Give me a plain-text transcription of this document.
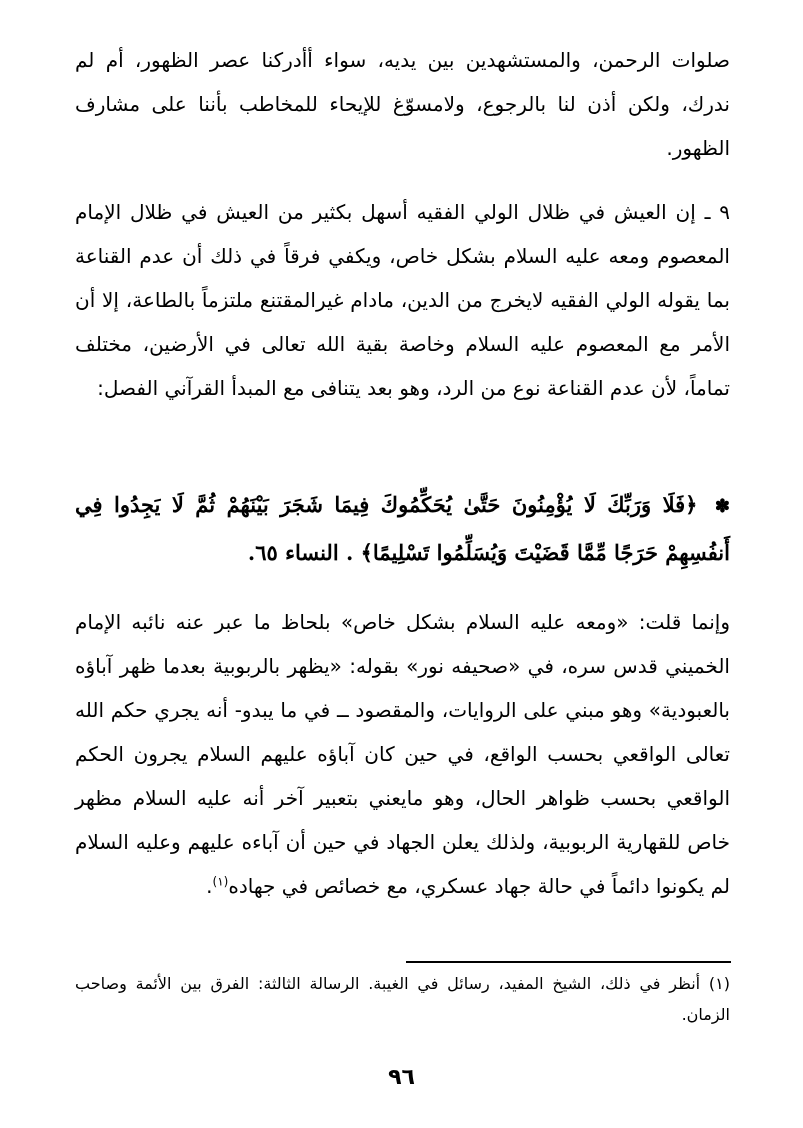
صلوات الرحمن، والمستشهدين بين يديه، سواء أأدركنا عصر الظهور، أم لم ندرك، ولكن أذن لنا بالرجوع، ولامسوّغ للإيحاء للمخاطب بأننا على مشارف الظهور.

٩ ـ إن العيش في ظلال الولي الفقيه أسهل بكثير من العيش في ظلال الإمام المعصوم ومعه عليه السلام بشكل خاص، ويكفي فرقاً في ذلك أن عدم القناعة بما يقوله الولي الفقيه لايخرج من الدين، مادام غيرالمقتنع ملتزماً بالطاعة، إلا أن الأمر مع المعصوم عليه السلام وخاصة بقية الله تعالى في الأرضين، مختلف تماماً، لأن عدم القناعة نوع من الرد، وهو بعد يتنافى مع المبدأ القرآني الفصل:

✽ ﴿فَلَا وَرَبِّكَ لَا يُؤْمِنُونَ حَتَّىٰ يُحَكِّمُوكَ فِيمَا شَجَرَ بَيْنَهُمْ ثُمَّ لَا يَجِدُوا فِي أَنفُسِهِمْ حَرَجًا مِّمَّا قَضَيْتَ وَيُسَلِّمُوا تَسْلِيمًا﴾ . النساء ٦٥.

وإنما قلت: «ومعه عليه السلام بشكل خاص» بلحاظ ما عبر عنه نائبه الإمام الخميني قدس سره، في «صحيفه نور» بقوله: «يظهر بالربوبية بعدما ظهر آباؤه بالعبودية» وهو مبني على الروايات، والمقصود ــ في ما يبدو- أنه يجري حكم الله تعالى الواقعي بحسب الواقع، في حين كان آباؤه عليهم السلام يجرون الحكم الواقعي بحسب ظواهر الحال، وهو مايعني بتعبير آخر أنه عليه السلام مظهر خاص للقهارية الربوبية، ولذلك يعلن الجهاد في حين أن آباءه عليهم وعليه السلام لم يكونوا دائماً في حالة جهاد عسكري، مع خصائص في جهاده$^{(١)}$.

(١) أنظر في ذلك، الشيخ المفيد، رسائل في الغيبة. الرسالة الثالثة: الفرق بين الأئمة وصاحب الزمان.

٩٦
